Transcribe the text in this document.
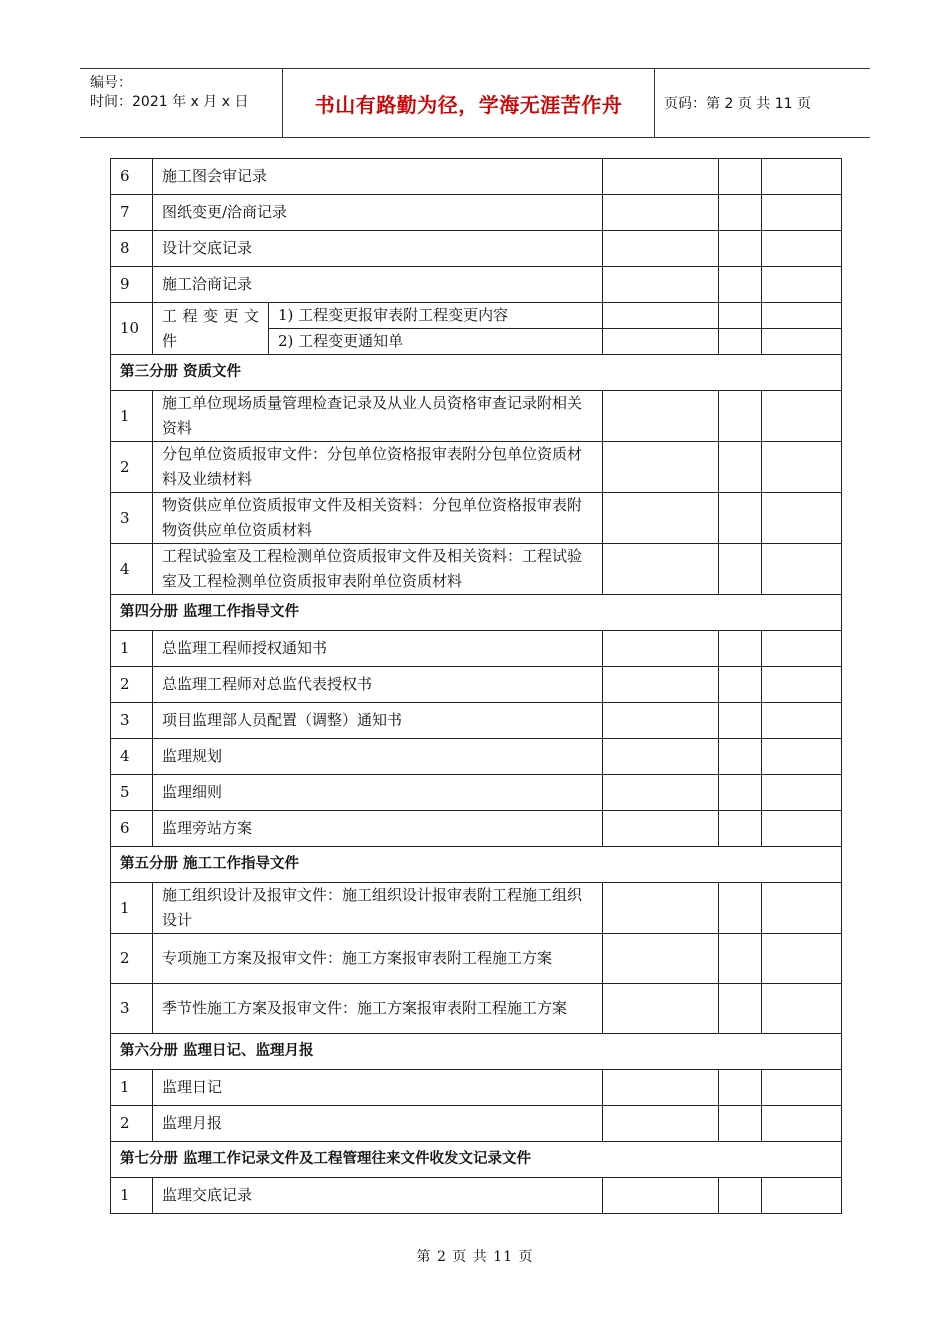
编号：
时间：2021 年 x 月 x 日	书山有路勤为径，学海无涯苦作舟	页码：第 2 页 共 11 页
6	施工图会审记录				
7	图纸变更/洽商记录				
8	设计交底记录				
9	施工洽商记录				
10	工 程 变 更 文件	1) 工程变更报审表附工程变更内容			
		2) 工程变更通知单			
第三分册 资质文件					
1	施工单位现场质量管理检查记录及从业人员资格审查记录附相关资料				
2	分包单位资质报审文件：分包单位资格报审表附分包单位资质材料及业绩材料				
3	物资供应单位资质报审文件及相关资料：分包单位资格报审表附物资供应单位资质材料				
4	工程试验室及工程检测单位资质报审文件及相关资料：工程试验室及工程检测单位资质报审表附单位资质材料				
第四分册 监理工作指导文件					
1	总监理工程师授权通知书				
2	总监理工程师对总监代表授权书				
3	项目监理部人员配置（调整）通知书				
4	监理规划				
5	监理细则				
6	监理旁站方案				
第五分册 施工工作指导文件					
1	施工组织设计及报审文件：施工组织设计报审表附工程施工组织设计				
2	专项施工方案及报审文件：施工方案报审表附工程施工方案				
3	季节性施工方案及报审文件：施工方案报审表附工程施工方案				
第六分册 监理日记、监理月报					
1	监理日记				
2	监理月报				
第七分册 监理工作记录文件及工程管理往来文件收发文记录文件					
1	监理交底记录				
第 2 页 共 11 页
